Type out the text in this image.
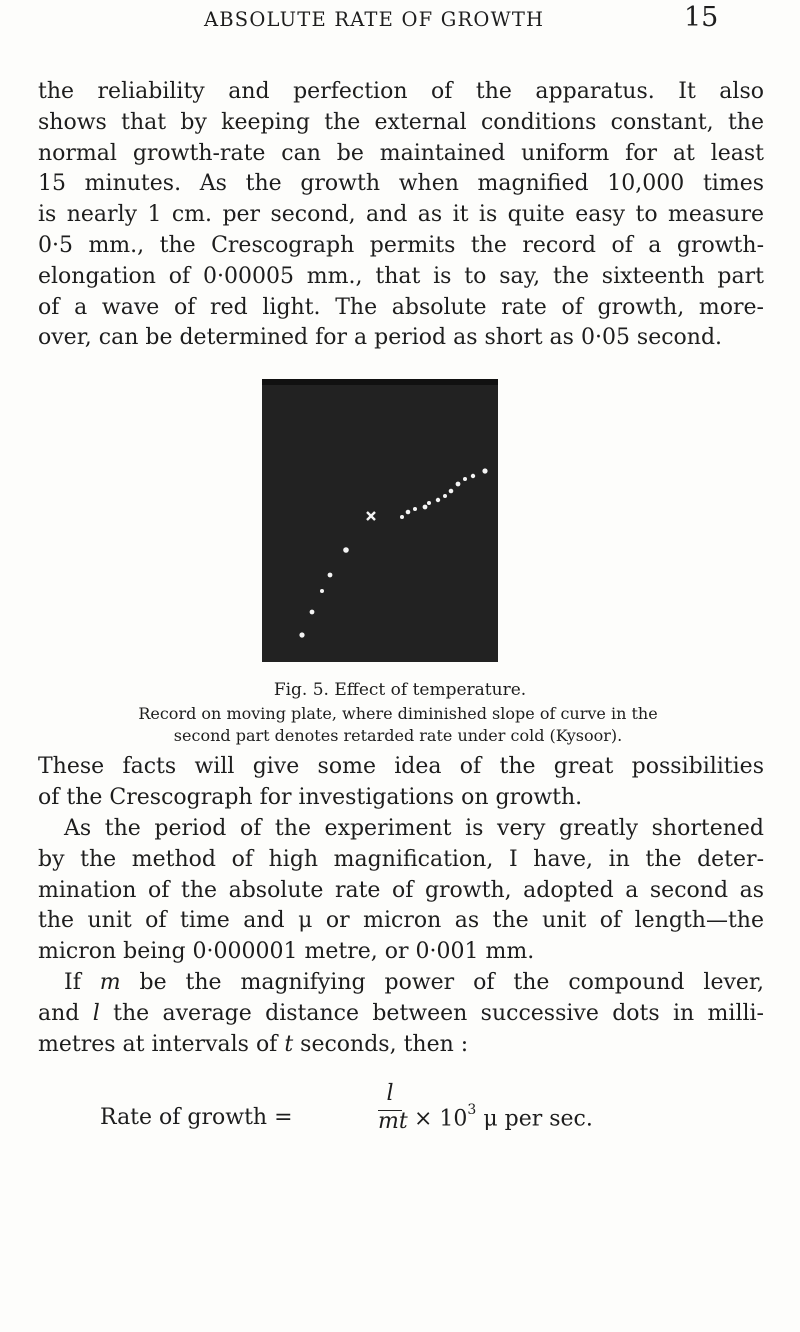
ABSOLUTE RATE OF GROWTH	15
the reliability and perfection of the apparatus. It also
shows that by keeping the external conditions constant, the
normal growth-rate can be maintained uniform for at least
15 minutes. As the growth when magnified 10,000 times
is nearly 1 cm. per second, and as it is quite easy to measure
0·5 mm., the Crescograph permits the record of a growth-
elongation of 0·00005 mm., that is to say, the sixteenth part
of a wave of red light. The absolute rate of growth, more-
over, can be determined for a period as short as 0·05 second.
Fig. 5. Effect of temperature.
Record on moving plate, where diminished slope of curve in the
second part denotes retarded rate under cold (Kysoor).
These facts will give some idea of the great possibilities
of the Crescograph for investigations on growth.
As the period of the experiment is very greatly shortened
by the method of high magnification, I have, in the deter-
mination of the absolute rate of growth, adopted a second as
the unit of time and μ or micron as the unit of length—the
micron being 0·000001 metre, or 0·001 mm.
If m be the magnifying power of the compound lever,
and l the average distance between successive dots in milli-
metres at intervals of t seconds, then :
Rate of growth =
l
mt × $10^3$ μ per sec.
